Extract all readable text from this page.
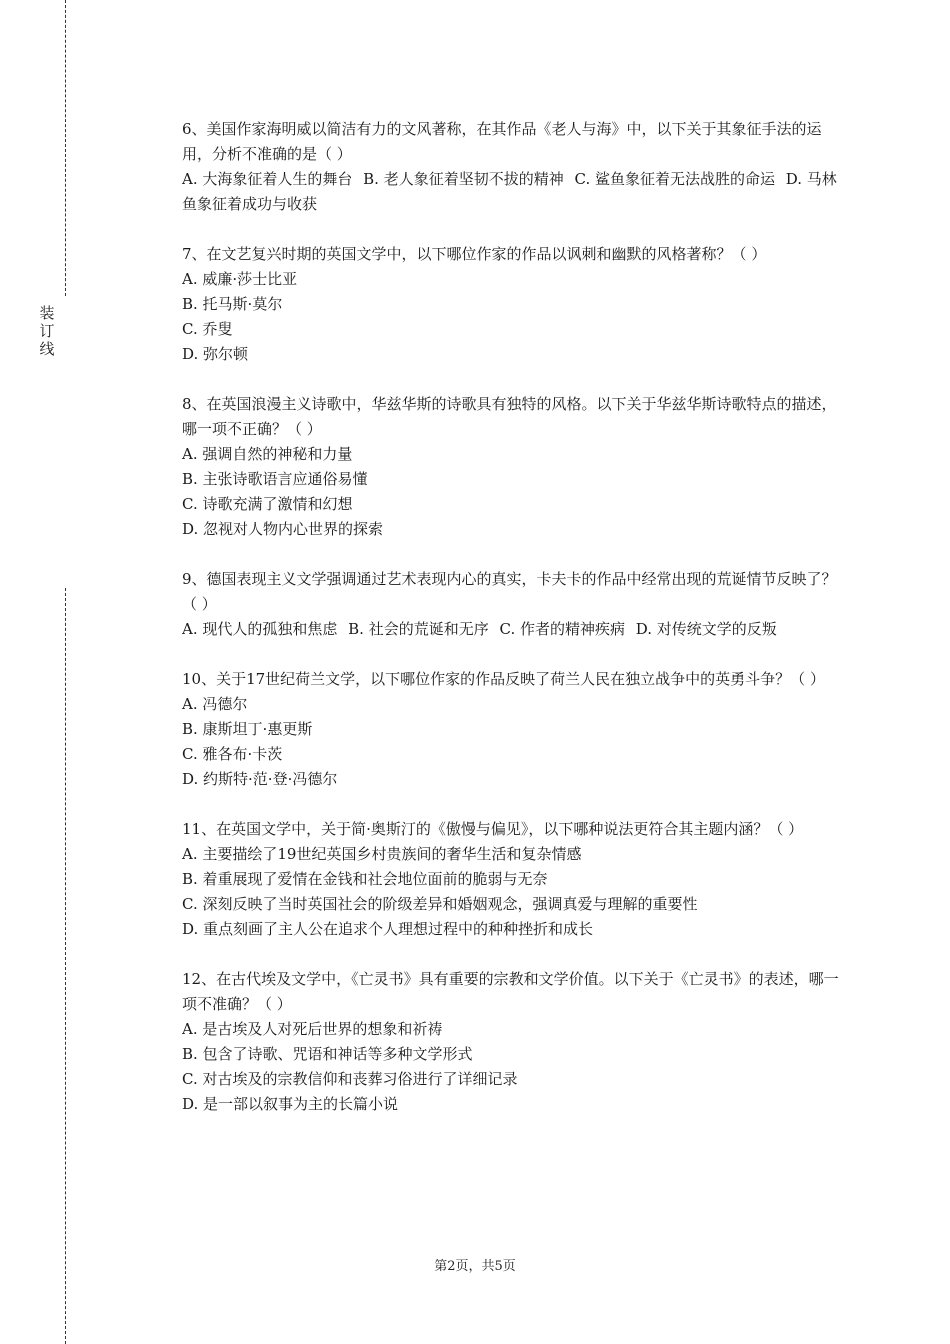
装
订
线

6、美国作家海明威以简洁有力的文风著称，在其作品《老人与海》中，以下关于其象征手法的运用，分析不准确的是（ ）

A. 大海象征着人生的舞台 B. 老人象征着坚韧不拔的精神 C. 鲨鱼象征着无法战胜的命运 D. 马林鱼象征着成功与收获

7、在文艺复兴时期的英国文学中，以下哪位作家的作品以讽刺和幽默的风格著称？（ ）

A. 威廉·莎士比亚

B. 托马斯·莫尔

C. 乔叟

D. 弥尔顿

8、在英国浪漫主义诗歌中，华兹华斯的诗歌具有独特的风格。以下关于华兹华斯诗歌特点的描述，哪一项不正确？（ ）

A. 强调自然的神秘和力量

B. 主张诗歌语言应通俗易懂

C. 诗歌充满了激情和幻想

D. 忽视对人物内心世界的探索

9、德国表现主义文学强调通过艺术表现内心的真实，卡夫卡的作品中经常出现的荒诞情节反映了？（ ）

A. 现代人的孤独和焦虑 B. 社会的荒诞和无序 C. 作者的精神疾病 D. 对传统文学的反叛

10、关于17世纪荷兰文学，以下哪位作家的作品反映了荷兰人民在独立战争中的英勇斗争？（ ）

A. 冯德尔

B. 康斯坦丁·惠更斯

C. 雅各布·卡茨

D. 约斯特·范·登·冯德尔

11、在英国文学中，关于简·奥斯汀的《傲慢与偏见》，以下哪种说法更符合其主题内涵？（ ）

A. 主要描绘了19世纪英国乡村贵族间的奢华生活和复杂情感

B. 着重展现了爱情在金钱和社会地位面前的脆弱与无奈

C. 深刻反映了当时英国社会的阶级差异和婚姻观念，强调真爱与理解的重要性

D. 重点刻画了主人公在追求个人理想过程中的种种挫折和成长

12、在古代埃及文学中，《亡灵书》具有重要的宗教和文学价值。以下关于《亡灵书》的表述，哪一项不准确？（ ）

A. 是古埃及人对死后世界的想象和祈祷

B. 包含了诗歌、咒语和神话等多种文学形式

C. 对古埃及的宗教信仰和丧葬习俗进行了详细记录

D. 是一部以叙事为主的长篇小说

第2页，共5页
